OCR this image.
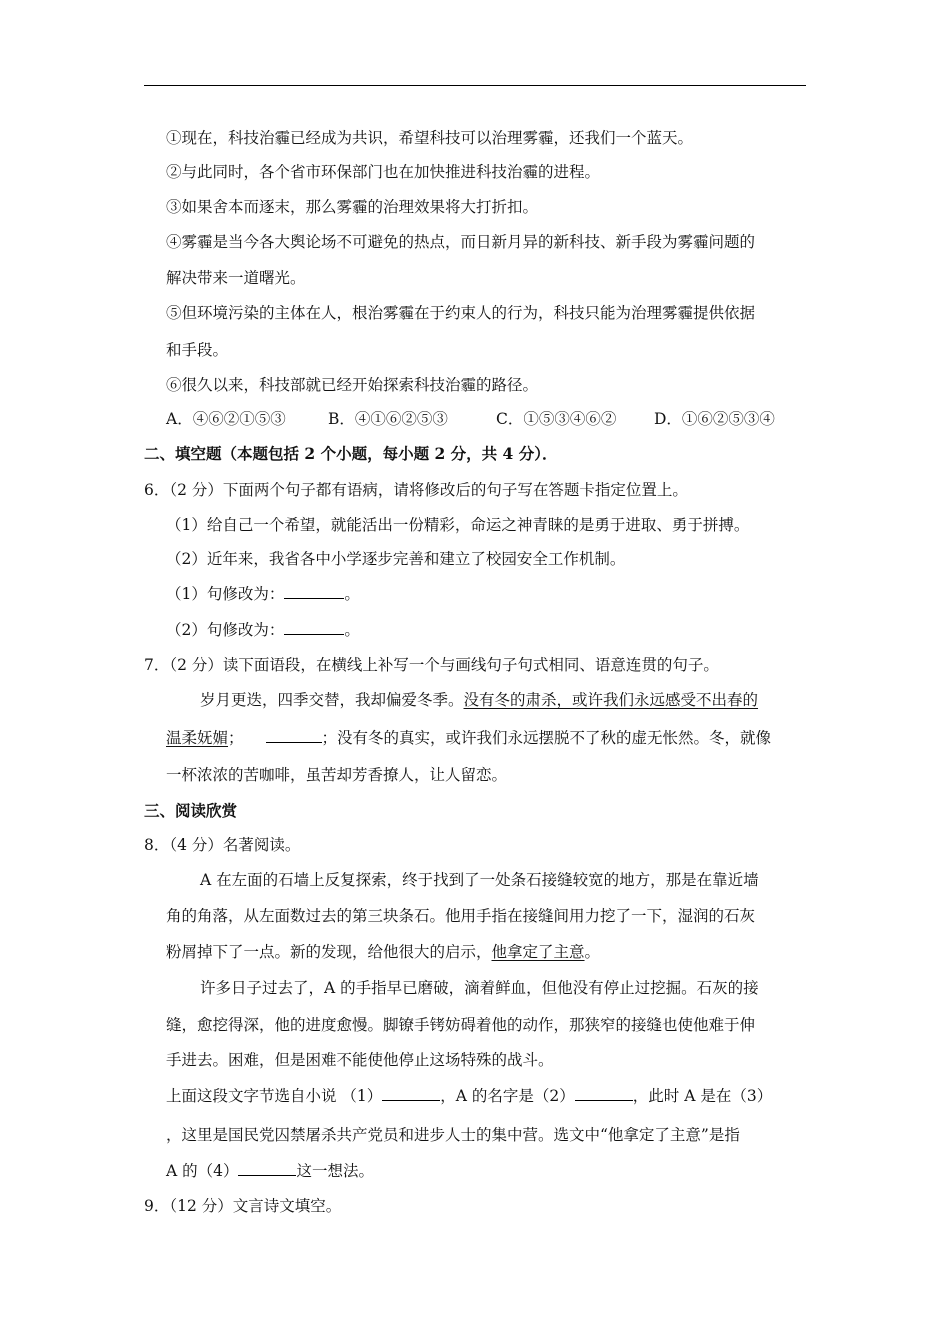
①现在，科技治霾已经成为共识，希望科技可以治理雾霾，还我们一个蓝天。
②与此同时，各个省市环保部门也在加快推进科技治霾的进程。
③如果舍本而逐末，那么雾霾的治理效果将大打折扣。
④雾霾是当今各大舆论场不可避免的热点，而日新月异的新科技、新手段为雾霾问题的
解决带来一道曙光。
⑤但环境污染的主体在人，根治雾霾在于约束人的行为，科技只能为治理雾霾提供依据
和手段。
⑥很久以来，科技部就已经开始探索科技治霾的路径。
A．④⑥②①⑤③	B．④①⑥②⑤③	C．①⑤③④⑥② D．①⑥②⑤③④
二、填空题（本题包括 2 个小题，每小题 2 分，共 4 分）．
6．（2 分）下面两个句子都有语病，请将修改后的句子写在答题卡指定位置上。
（1）给自己一个希望，就能活出一份精彩，命运之神青睐的是勇于进取、勇于拼搏。
（2）近年来，我省各中小学逐步完善和建立了校园安全工作机制。
（1）句修改为：	。
（2）句修改为：	。
7．（2 分）读下面语段，在横线上补写一个与画线句子句式相同、语意连贯的句子。
岁月更迭，四季交替，我却偏爱冬季。没有冬的肃杀，或许我们永远感受不出春的
温柔妩媚；	；没有冬的真实，或许我们永远摆脱不了秋的虚无怅然。冬，就像
一杯浓浓的苦咖啡，虽苦却芳香撩人，让人留恋。
三、阅读欣赏
8．（4 分）名著阅读。
A 在左面的石墙上反复探索，终于找到了一处条石接缝较宽的地方，那是在靠近墙
角的角落，从左面数过去的第三块条石。他用手指在接缝间用力挖了一下，湿润的石灰
粉屑掉下了一点。新的发现，给他很大的启示，他拿定了主意。
许多日子过去了，A 的手指早已磨破，滴着鲜血，但他没有停止过挖掘。石灰的接
缝，愈挖得深，他的进度愈慢。脚镣手铐妨碍着他的动作，那狭窄的接缝也使他难于伸
手进去。困难，但是困难不能使他停止这场特殊的战斗。
上面这段文字节选自小说 （1）	，A 的名字是（2）	，此时 A 是在（3）
，这里是国民党囚禁屠杀共产党员和进步人士的集中营。选文中“他拿定了主意”是指
A 的（4）	这一想法。
9．（12 分）文言诗文填空。
